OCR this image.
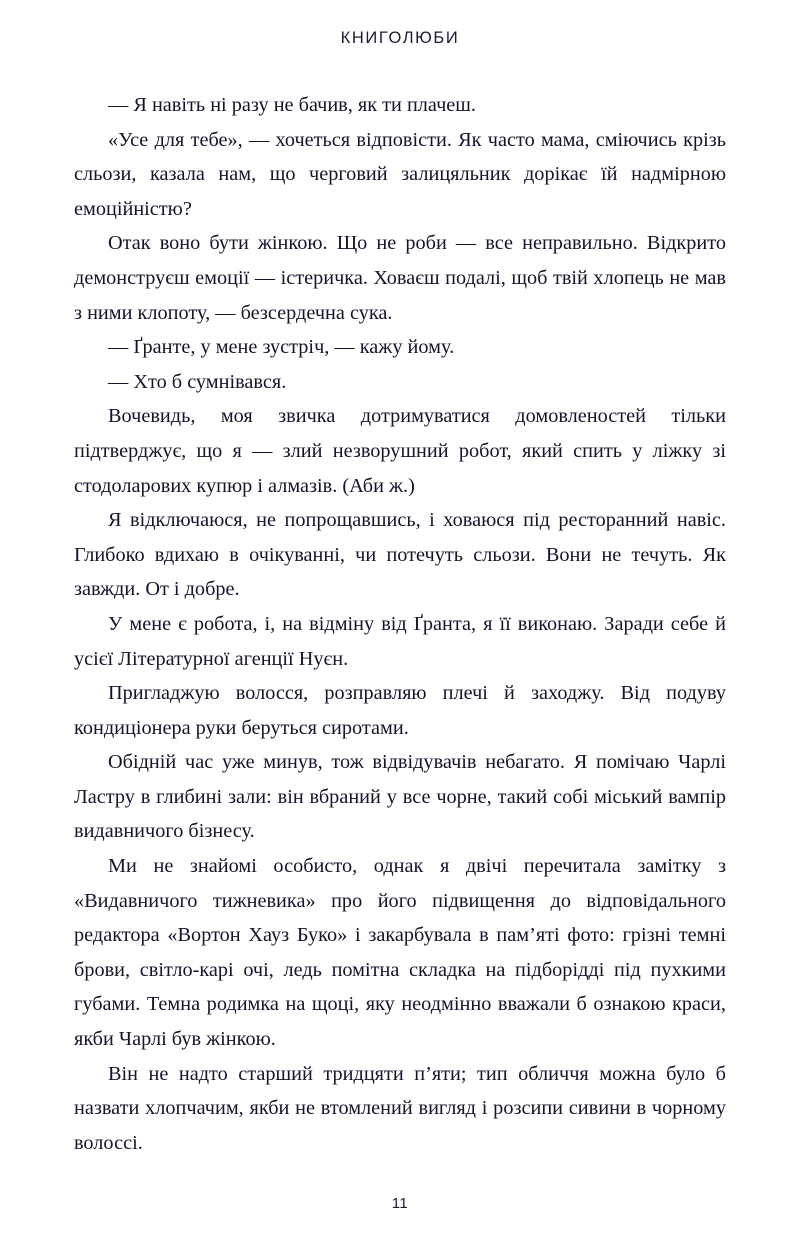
КНИГОЛЮБИ

— Я навіть ні разу не бачив, як ти плачеш.

«Усе для тебе», — хочеться відповісти. Як часто мама, сміючись крізь сльози, казала нам, що черговий залицяльник дорікає їй надмірною емоційністю?

Отак воно бути жінкою. Що не роби — все неправильно. Відкрито демонструєш емоції — істеричка. Ховаєш подалі, щоб твій хлопець не мав з ними клопоту, — безсердечна сука.

— Ґранте, у мене зустріч, — кажу йому.

— Хто б сумнівався.

Вочевидь, моя звичка дотримуватися домовленостей тільки підтверджує, що я — злий незворушний робот, який спить у ліжку зі стодоларових купюр і алмазів. (Аби ж.)

Я відключаюся, не попрощавшись, і ховаюся під ресторанний навіс. Глибоко вдихаю в очікуванні, чи потечуть сльози. Вони не течуть. Як завжди. От і добре.

У мене є робота, і, на відміну від Ґранта, я її виконаю. Заради себе й усієї Літературної агенції Нуєн.

Пригладжую волосся, розправляю плечі й заходжу. Від подуву кондиціонера руки беруться сиротами.

Обідній час уже минув, тож відвідувачів небагато. Я помічаю Чарлі Ластру в глибині зали: він вбраний у все чорне, такий собі міський вампір видавничого бізнесу.

Ми не знайомі особисто, однак я двічі перечитала замітку з «Видавничого тижневика» про його підвищення до відповідального редактора «Вортон Хауз Буко» і закарбувала в пам’яті фото: грізні темні брови, світло-карі очі, ледь помітна складка на підборідді під пухкими губами. Темна родимка на щоці, яку неодмінно вважали б ознакою краси, якби Чарлі був жінкою.

Він не надто старший тридцяти п’яти; тип обличчя можна було б назвати хлопчачим, якби не втомлений вигляд і розсипи сивини в чорному волоссі.

11
